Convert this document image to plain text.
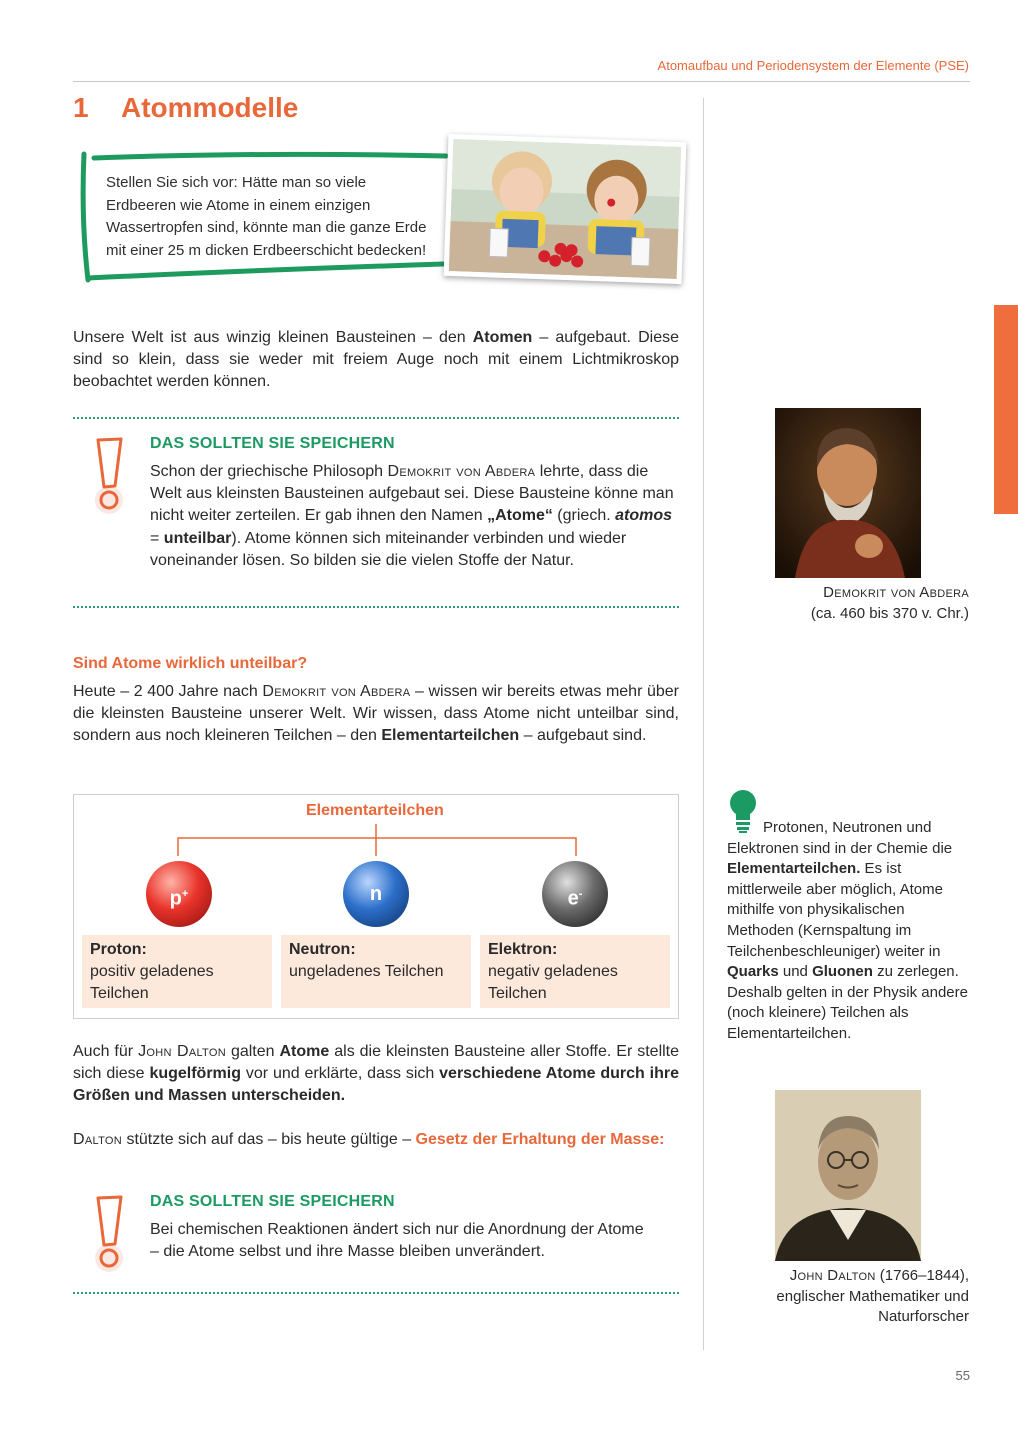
Atomaufbau und Periodensystem der Elemente (PSE)
1 Atommodelle
Stellen Sie sich vor: Hätte man so viele Erdbeeren wie Atome in einem einzigen Wassertropfen sind, könnte man die ganze Erde mit einer 25 m dicken Erdbeerschicht bedecken!
Unsere Welt ist aus winzig kleinen Bausteinen – den Atomen – aufgebaut. Diese sind so klein, dass sie weder mit freiem Auge noch mit einem Lichtmikroskop beobachtet werden können.
DAS SOLLTEN SIE SPEICHERN
Schon der griechische Philosoph Demokrit von Abdera lehrte, dass die Welt aus kleinsten Bausteinen aufgebaut sei. Diese Bausteine könne man nicht weiter zerteilen. Er gab ihnen den Namen „Atome“ (griech. atomos = unteilbar). Atome können sich miteinander verbinden und wieder voneinander lösen. So bilden sie die vielen Stoffe der Natur.
Sind Atome wirklich unteilbar?
Heute – 2 400 Jahre nach Demokrit von Abdera – wissen wir bereits etwas mehr über die kleinsten Bausteine unserer Welt. Wir wissen, dass Atome nicht unteilbar sind, sondern aus noch kleineren Teilchen – den Elementarteilchen – aufgebaut sind.
Elementarteilchen
p+	n	e-
Proton:
positiv geladenes Teilchen
Neutron:
ungeladenes Teilchen
Elektron:
negativ geladenes Teilchen
Auch für John Dalton galten Atome als die kleinsten Bausteine aller Stoffe. Er stellte sich diese kugelförmig vor und erklärte, dass sich verschiedene Atome durch ihre Größen und Massen unterscheiden.
Dalton stützte sich auf das – bis heute gültige – Gesetz der Erhaltung der Masse:
DAS SOLLTEN SIE SPEICHERN
Bei chemischen Reaktionen ändert sich nur die Anordnung der Atome – die Atome selbst und ihre Masse bleiben unverändert.
Demokrit von Abdera
(ca. 460 bis 370 v. Chr.)
Protonen, Neutronen und Elektronen sind in der Chemie die Elementarteilchen. Es ist mittlerweile aber möglich, Atome mithilfe von physikalischen Methoden (Kernspaltung im Teilchenbeschleuniger) weiter in Quarks und Gluonen zu zerlegen. Deshalb gelten in der Physik andere (noch kleinere) Teilchen als Elementarteilchen.
John Dalton (1766–1844),
englischer Mathematiker und
Naturforscher
55
